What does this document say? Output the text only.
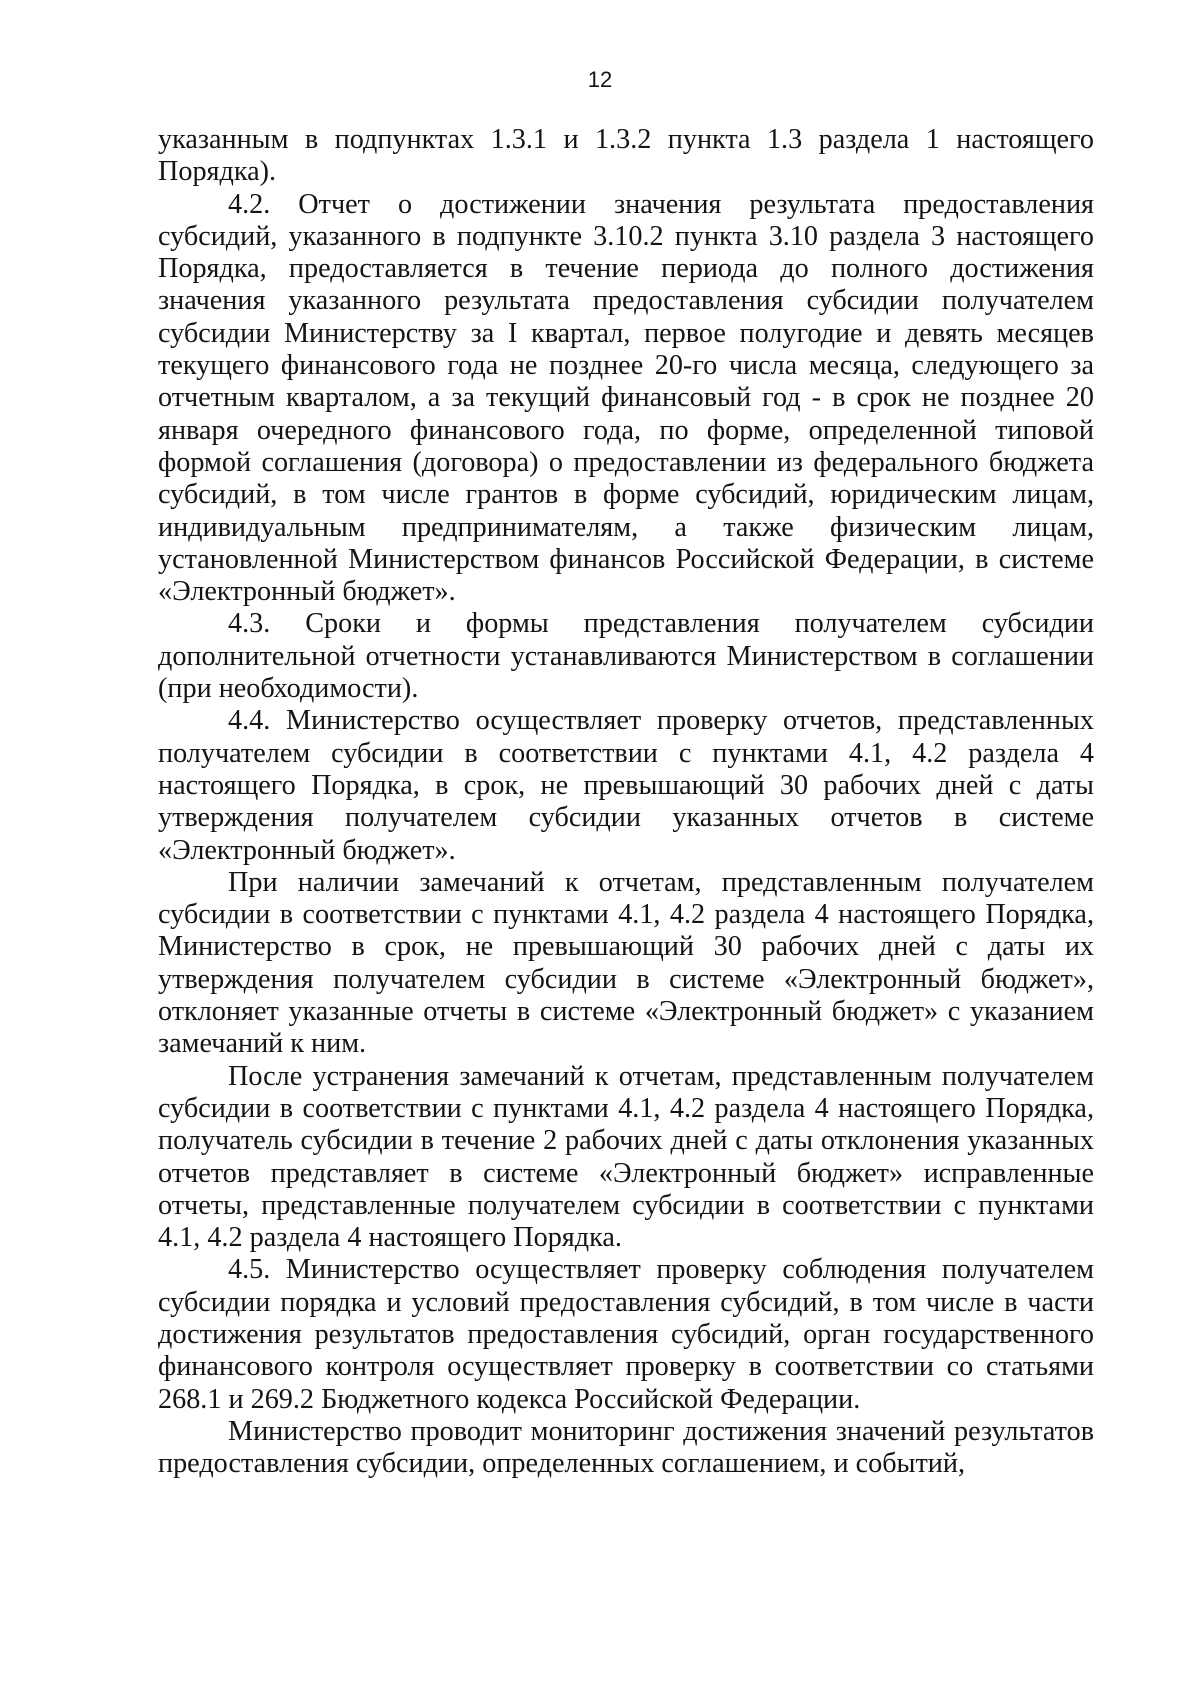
12

указанным в подпунктах 1.3.1 и 1.3.2 пункта 1.3 раздела 1 настоящего Порядка).

4.2. Отчет о достижении значения результата предоставления субсидий, указанного в подпункте 3.10.2 пункта 3.10 раздела 3 настоящего Порядка, предоставляется в течение периода до полного достижения значения указанного результата предоставления субсидии получателем субсидии Министерству за I квартал, первое полугодие и девять месяцев текущего финансового года не позднее 20-го числа месяца, следующего за отчетным кварталом, а за текущий финансовый год - в срок не позднее 20 января очередного финансового года, по форме, определенной типовой формой соглашения (договора) о предоставлении из федерального бюджета субсидий, в том числе грантов в форме субсидий, юридическим лицам, индивидуальным предпринимателям, а также физическим лицам, установленной Министерством финансов Российской Федерации, в системе «Электронный бюджет».

4.3. Сроки и формы представления получателем субсидии дополнительной отчетности устанавливаются Министерством в соглашении (при необходимости).

4.4. Министерство осуществляет проверку отчетов, представленных получателем субсидии в соответствии с пунктами 4.1, 4.2 раздела 4 настоящего Порядка, в срок, не превышающий 30 рабочих дней с даты утверждения получателем субсидии указанных отчетов в системе «Электронный бюджет».

При наличии замечаний к отчетам, представленным получателем субсидии в соответствии с пунктами 4.1, 4.2 раздела 4 настоящего Порядка, Министерство в срок, не превышающий 30 рабочих дней с даты их утверждения получателем субсидии в системе «Электронный бюджет», отклоняет указанные отчеты в системе «Электронный бюджет» с указанием замечаний к ним.

После устранения замечаний к отчетам, представленным получателем субсидии в соответствии с пунктами 4.1, 4.2 раздела 4 настоящего Порядка, получатель субсидии в течение 2 рабочих дней с даты отклонения указанных отчетов представляет в системе «Электронный бюджет» исправленные отчеты, представленные получателем субсидии в соответствии с пунктами 4.1, 4.2 раздела 4 настоящего Порядка.

4.5. Министерство осуществляет проверку соблюдения получателем субсидии порядка и условий предоставления субсидий, в том числе в части достижения результатов предоставления субсидий, орган государственного финансового контроля осуществляет проверку в соответствии со статьями 268.1 и 269.2 Бюджетного кодекса Российской Федерации.

Министерство проводит мониторинг достижения значений результатов предоставления субсидии, определенных соглашением, и событий,
